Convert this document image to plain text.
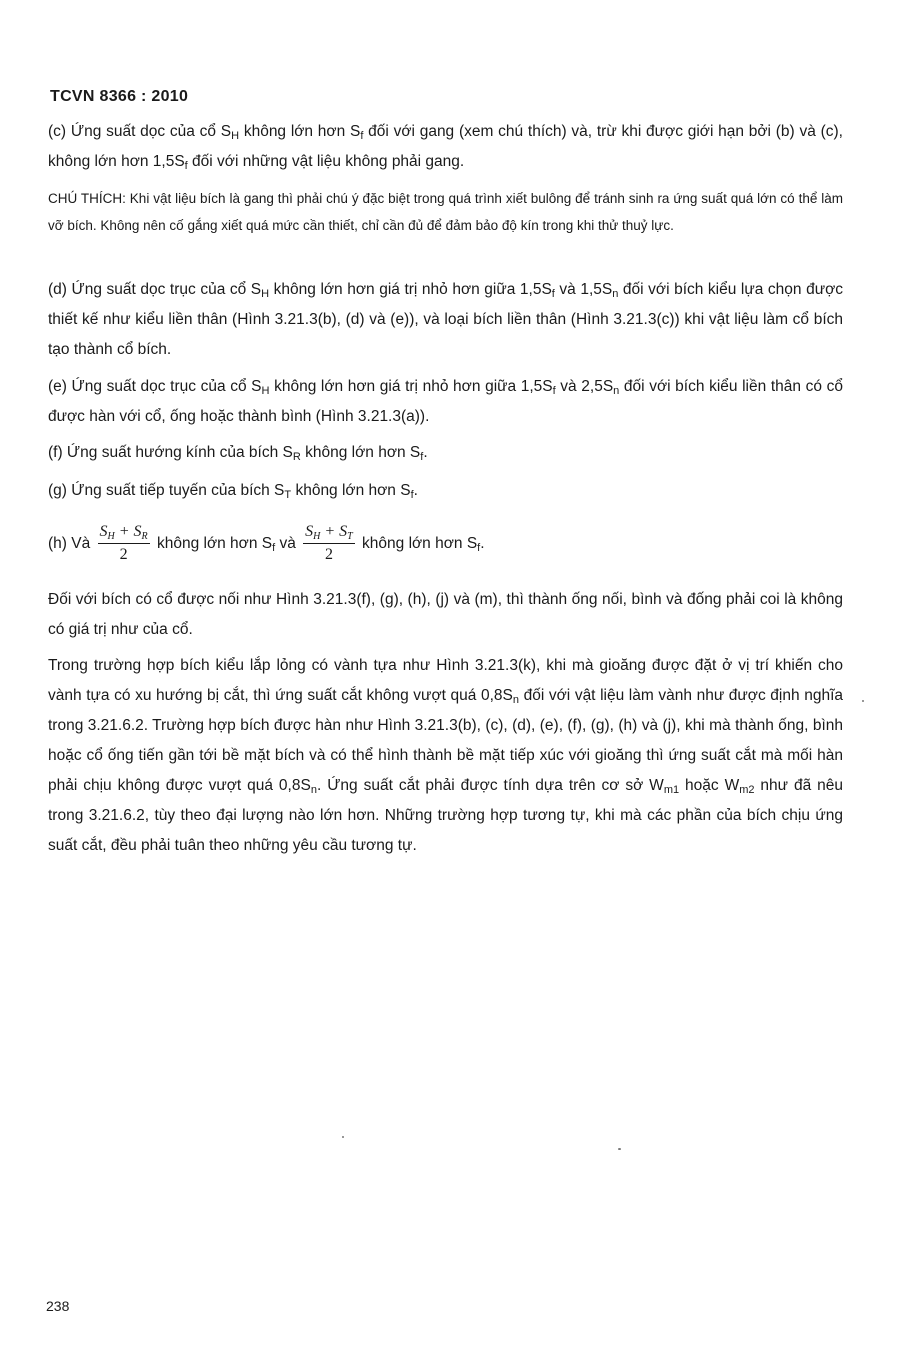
TCVN 8366 : 2010
(c) Ứng suất dọc của cổ $S_H$ không lớn hơn $S_f$ đối với gang (xem chú thích) và, trừ khi được giới hạn bởi (b) và (c), không lớn hơn $1,5S_f$ đối với những vật liệu không phải gang.
CHÚ THÍCH: Khi vật liệu bích là gang thì phải chú ý đặc biệt trong quá trình xiết bulông để tránh sinh ra ứng suất quá lớn có thể làm vỡ bích. Không nên cố gắng xiết quá mức cần thiết, chỉ cần đủ để đảm bảo độ kín trong khi thử thuỷ lực.
(d) Ứng suất dọc trục của cổ $S_H$ không lớn hơn giá trị nhỏ hơn giữa $1,5S_f$ và $1,5S_n$ đối với bích kiểu lựa chọn được thiết kế như kiểu liền thân (Hình 3.21.3(b), (d) và (e)), và loại bích liền thân (Hình 3.21.3(c)) khi vật liệu làm cổ bích tạo thành cổ bích.
(e) Ứng suất dọc trục của cổ $S_H$ không lớn hơn giá trị nhỏ hơn giữa $1,5S_f$ và $2,5S_n$ đối với bích kiểu liền thân có cổ được hàn với cổ, ống hoặc thành bình (Hình 3.21.3(a)).
(f) Ứng suất hướng kính của bích $S_R$ không lớn hơn $S_f$.
(g) Ứng suất tiếp tuyến của bích $S_T$ không lớn hơn $S_f$.
(h) Và $\frac{S_H + S_R}{2}$ không lớn hơn $S_f$ và $\frac{S_H + S_T}{2}$ không lớn hơn $S_f$.
Đối với bích có cổ được nối như Hình 3.21.3(f), (g), (h), (j) và (m), thì thành ống nối, bình và đống phải coi là không có giá trị như của cổ.
Trong trường hợp bích kiểu lắp lỏng có vành tựa như Hình 3.21.3(k), khi mà gioăng được đặt ở vị trí khiến cho vành tựa có xu hướng bị cắt, thì ứng suất cắt không vượt quá $0,8S_n$ đối với vật liệu làm vành như được định nghĩa trong 3.21.6.2. Trường hợp bích được hàn như Hình 3.21.3(b), (c), (d), (e), (f), (g), (h) và (j), khi mà thành ống, bình hoặc cổ ống tiến gần tới bề mặt bích và có thể hình thành bề mặt tiếp xúc với gioăng thì ứng suất cắt mà mối hàn phải chịu không được vượt quá $0,8S_n$. Ứng suất cắt phải được tính dựa trên cơ sở $W_{m1}$ hoặc $W_{m2}$ như đã nêu trong 3.21.6.2, tùy theo đại lượng nào lớn hơn. Những trường hợp tương tự, khi mà các phần của bích chịu ứng suất cắt, đều phải tuân theo những yêu cầu tương tự.
238
